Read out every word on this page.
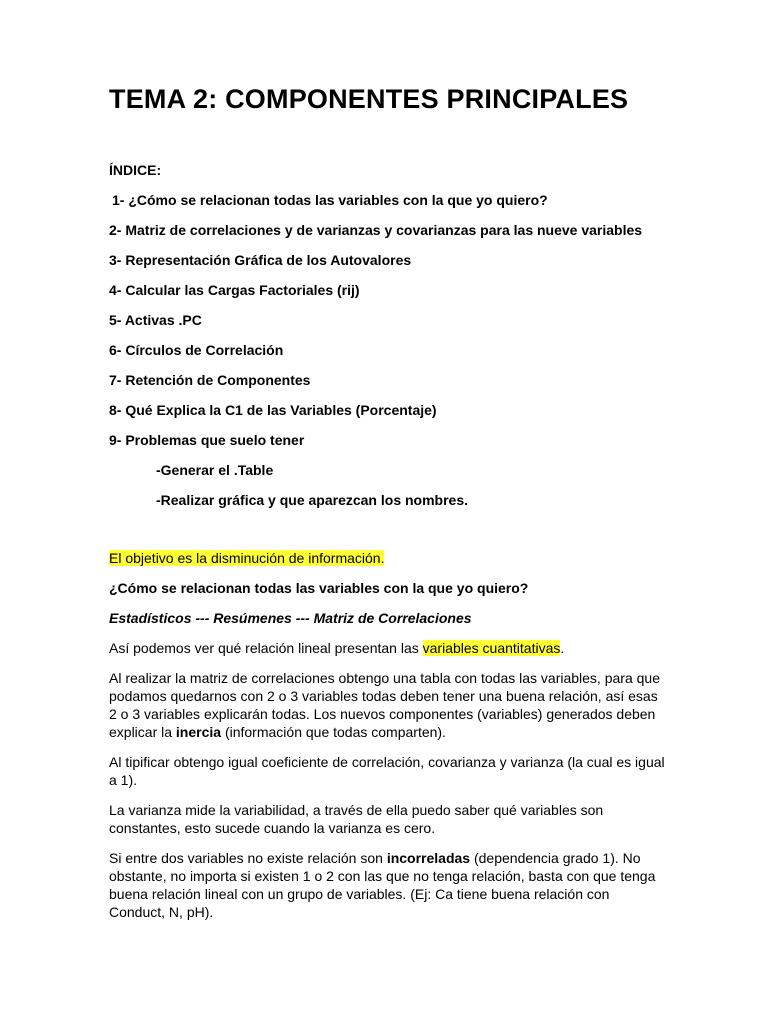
TEMA 2: COMPONENTES PRINCIPALES
ÍNDICE:
1- ¿Cómo se relacionan todas las variables con la que yo quiero?
2- Matriz de correlaciones y de varianzas y covarianzas para las nueve variables
3- Representación Gráfica de los Autovalores
4- Calcular las Cargas Factoriales (rij)
5- Activas .PC
6- Círculos de Correlación
7- Retención de Componentes
8- Qué Explica la C1 de las Variables (Porcentaje)
9- Problemas que suelo tener
-Generar el .Table
-Realizar gráfica y que aparezcan los nombres.

El objetivo es la disminución de información.

¿Cómo se relacionan todas las variables con la que yo quiero?

Estadísticos --- Resúmenes --- Matriz de Correlaciones

Así podemos ver qué relación lineal presentan las variables cuantitativas.

Al realizar la matriz de correlaciones obtengo una tabla con todas las variables, para que podamos quedarnos con 2 o 3 variables todas deben tener una buena relación, así esas 2 o 3 variables explicarán todas. Los nuevos componentes (variables) generados deben explicar la inercia (información que todas comparten).

Al tipificar obtengo igual coeficiente de correlación, covarianza y varianza (la cual es igual a 1).

La varianza mide la variabilidad, a través de ella puedo saber qué variables son constantes, esto sucede cuando la varianza es cero.

Si entre dos variables no existe relación son incorreladas (dependencia grado 1). No obstante, no importa si existen 1 o 2 con las que no tenga relación, basta con que tenga buena relación lineal con un grupo de variables. (Ej: Ca tiene buena relación con Conduct, N, pH).
